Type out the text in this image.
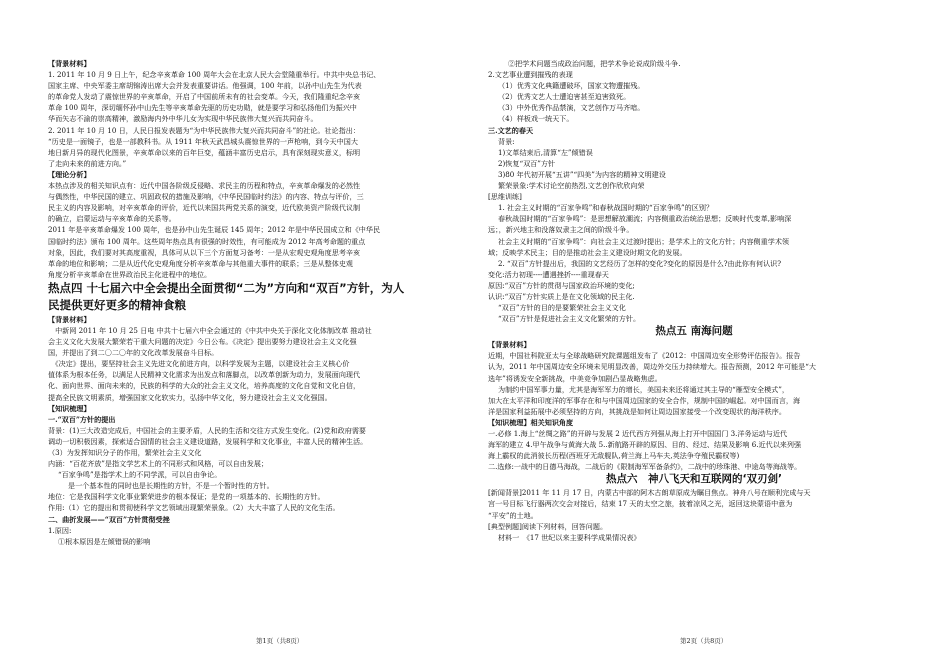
【背景材料】
1. 2011 年 10 月 9 日上午，纪念辛亥革命 100 周年大会在北京人民大会堂隆重举行。中共中央总书记、
国家主席、中央军委主席胡锦涛出席大会并发表重要讲话。他强调，100 年前，以孙中山先生为代表
的革命党人发动了震惊世界的辛亥革命，开启了中国前所未有的社会变革。今天，我们隆重纪念辛亥
革命 100 周年，深切缅怀孙中山先生等辛亥革命先驱的历史功勋，就是要学习和弘扬他们为振兴中
华而矢志不渝的崇高精神，激励海内外中华儿女为实现中华民族伟大复兴而共同奋斗。
2. 2011 年 10 月 10 日，人民日报发表题为“为中华民族伟大复兴而共同奋斗”的社论。社论指出：
“历史是一面镜子，也是一部教科书。从 1911 年秋天武昌城头震惊世界的一声枪响，到今天中国大
地日新月异的现代化图景，辛亥革命以来的百年巨变，蕴涵丰富历史启示，具有深刻现实意义，标明
了走向未来的前进方向。”
【理论分析】
本热点涉及的相关知识点有：近代中国各阶级反侵略、求民主的历程和特点，辛亥革命爆发的必然性
与偶然性，中华民国的建立、巩固政权的措施及影响，《中华民国临时约法》的内容、特点与评价，三
民主义的内容及影响，对辛亥革命的评价，近代以来国共两党关系的演变，近代欧美资产阶级代议制
的确立，启蒙运动与辛亥革命的关系等。
2011 年是辛亥革命爆发 100 周年，也是孙中山先生诞辰 145 周年；2012 年是中华民国成立和《中华民
国临时约法》颁布 100 周年。这些周年热点具有很强的时效性，有可能成为 2012 年高考命题的重点
对象，因此，我们要对其高度重视，具体可从以下三个方面复习备考：一是从宏观史观角度思考辛亥
革命的地位和影响；二是从近代化史观角度分析辛亥革命与其他重大事件的联系；三是从整体史观
角度分析辛亥革命在世界政治民主化进程中的地位。
热点四 十七届六中全会提出全面贯彻“二为”方向和“双百”方针，为人
民提供更好更多的精神食粮
【背景材料】
　中新网 2011 年 10 月 25 日电 中共十七届六中全会通过的《中共中央关于深化文化体制改革 推动社
会主义文化大发展大繁荣若干重大问题的决定》今日公布。《决定》提出要努力建设社会主义文化强
国，并提出了到二〇二〇年的文化改革发展奋斗目标。
　《决定》提出，要坚持社会主义先进文化前进方向，以科学发展为主题，以建设社会主义核心价
值体系为根本任务，以满足人民精神文化需求为出发点和落脚点，以改革创新为动力，发展面向现代
化、面向世界、面向未来的，民族的科学的大众的社会主义文化，培养高度的文化自觉和文化自信，
提高全民族文明素质，增强国家文化软实力，弘扬中华文化，努力建设社会主义文化强国。
【知识梳理】
一.“双百”方针的提出
背景：(1)三大改造完成后，中国社会的主要矛盾，人民的生活和交往方式发生变化。(2)党和政府需要
调动一切积极因素，探索适合国情的社会主义建设道路，发展科学和文化事业，丰富人民的精神生活。
（3）为发挥知识分子的作用，繁荣社会主义文化
内涵：“百花齐放”是指文学艺术上的不同形式和风格，可以自由发展；
“百家争鸣”是指学术上的不同学派，可以自由争论。
是一个基本性的同时也是长期性的方针，不是一个暂时性的方针。
地位：它是我国科学文化事业繁荣进步的根本保证；是党的一项基本的、长期性的方针。
作用:（1）它的提出和贯彻使科学文艺领域出现繁荣景象。（2）大大丰富了人民的文化生活。
二、曲折发展——“双百”方针贯彻受挫
1.原因:
①根本原因是左倾错误的影响
②把学术问题当成政治问题，把学术争论说成阶级斗争.
2.文艺事业遭到摧残的表现
（1）优秀文化典籍遭破坏，国家文物遭摧残。
（2）优秀文艺人士遭迫害甚至迫害致死。
（3）中外优秀作品禁演，文艺创作万马齐喑。
（4）样板戏一统天下。
三.文艺的春天
背景:
1)文革结束后,清算“左”倾错误
2)恢复“双百”方针
3)80 年代初开展“五讲”“四美”为内容的精神文明建设
繁荣景象:学术讨论空前热烈,文艺创作欣欣向荣
[思维训练]
1. 社会主义时期的“百家争鸣”和春秋战国时期的“百家争鸣”的区别？
春秋战国时期的“百家争鸣”：是思想解放潮流；内容侧重政治统治思想；反映时代变革,影响深
远；，新兴地主和没落奴隶主之间的阶级斗争。
社会主义时期的“百家争鸣”：向社会主义过渡时提出；是学术上的文化方针；内容侧重学术领
域；反映学术民主；目的是推动社会主义建设时期文化的发展。
2. “双百”方针提出后，我国的文艺经历了怎样的变化?变化的原因是什么?由此你有何认识?
变化:活力初现----遭遇挫折----重现春天
原因:“双百”方针的贯彻与国家政治环境的变化;
认识:“双百”方针实质上是在文化领域的民主化.
“双百”方针的目的是要繁荣社会主义文化
“双百”方针是促进社会主义文化繁荣的方针。
热点五 南海问题
【背景材料】
近期，中国社科院亚太与全球战略研究院课题组发布了《2012：中国周边安全形势评估报告》。报告
认为，2011 年中国周边安全环境未见明显改善，周边外交压力持续增大。报告预测，2012 年可能是“大
选年”将诱发安全新挑战，中美竞争加剧凸显战略焦虑。
为制约中国军事力量，尤其是海军军力的增长，美国未来还将通过其主导的“雁型安全模式”，
加大在太平洋和印度洋的军事存在和与中国周边国家的安全合作，规制中国的崛起。对中国而言，海
洋是国家利益拓展中必须坚持的方向，其挑战是如何让周边国家接受一个改变现状的海洋秩序。
【知识梳理】相关知识角度
一.必修 1.海上“丝绸之路”的开辟与发展 2 近代西方列强从海上打开中国国门 3.洋务运动与近代
海军的建立 4.甲午战争与黄海大战 5..新航路开辟的原因、目的、经过、结果及影响 6.近代以来列强
海上霸权的此消彼长历程(西班牙无敌舰队,荷兰海上马车夫,英法争夺殖民霸权等)
二.选修:一战中的日德马海战，二战后的《限制海军军备条约》，二战中的珍珠港、中途岛等海战等。
热点六　神八飞天和互联网的‘双刃剑’
[新闻背景]2011 年 11 月 17 日，内蒙古中部的阿木古朗草原成为瞩目焦点。神舟八号在顺利完成与天
宫一号目标飞行器两次交会对接后，结束 17 天的太空之旅，披着凉风之光，返回这块蒙语中意为
“平安”的土地。
[典型例题]阅读下列材料，回答问题。
材料一　《17 世纪以来主要科学成果情况表》
第1页（共8页）	第2页（共8页）
